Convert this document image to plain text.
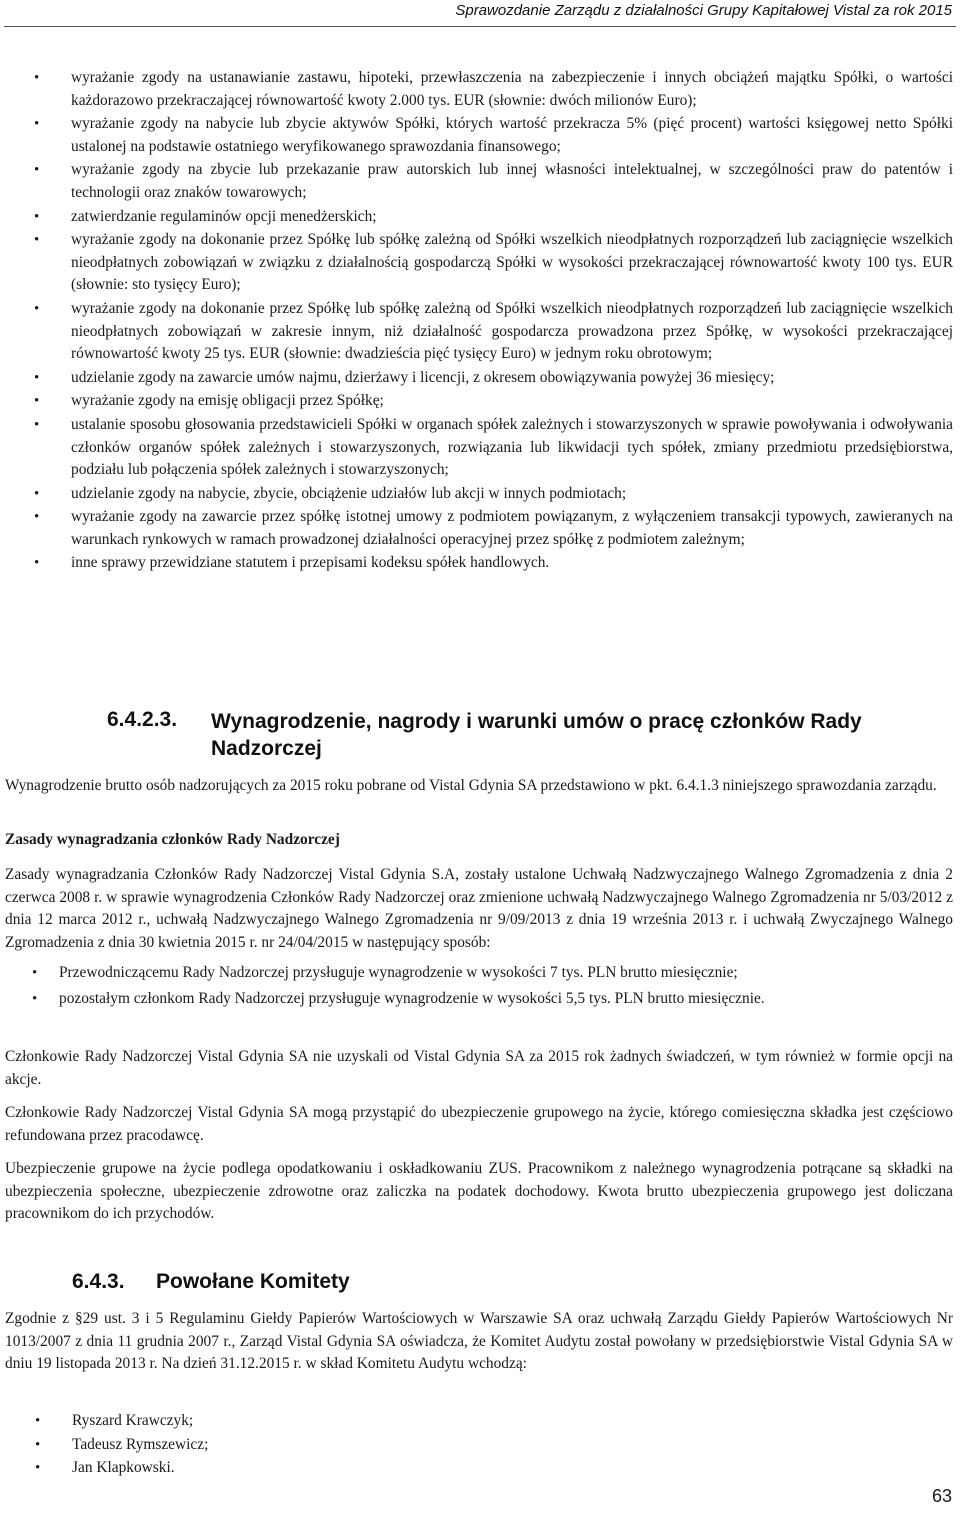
Sprawozdanie Zarządu z działalności Grupy Kapitałowej Vistal za rok 2015
• wyrażanie zgody na ustanawianie zastawu, hipoteki, przewłaszczenia na zabezpieczenie i innych obciążeń majątku Spółki, o wartości każdorazowo przekraczającej równowartość kwoty 2.000 tys. EUR (słownie: dwóch milionów Euro);
• wyrażanie zgody na nabycie lub zbycie aktywów Spółki, których wartość przekracza 5% (pięć procent) wartości księgowej netto Spółki ustalonej na podstawie ostatniego weryfikowanego sprawozdania finansowego;
• wyrażanie zgody na zbycie lub przekazanie praw autorskich lub innej własności intelektualnej, w szczególności praw do patentów i technologii oraz znaków towarowych;
• zatwierdzanie regulaminów opcji menedżerskich;
• wyrażanie zgody na dokonanie przez Spółkę lub spółkę zależną od Spółki wszelkich nieodpłatnych rozporządzeń lub zaciągnięcie wszelkich nieodpłatnych zobowiązań w związku z działalnością gospodarczą Spółki w wysokości przekraczającej równowartość kwoty 100 tys. EUR (słownie: sto tysięcy Euro);
• wyrażanie zgody na dokonanie przez Spółkę lub spółkę zależną od Spółki wszelkich nieodpłatnych rozporządzeń lub zaciągnięcie wszelkich nieodpłatnych zobowiązań w zakresie innym, niż działalność gospodarcza prowadzona przez Spółkę, w wysokości przekraczającej równowartość kwoty 25 tys. EUR (słownie: dwadzieścia pięć tysięcy Euro) w jednym roku obrotowym;
• udzielanie zgody na zawarcie umów najmu, dzierżawy i licencji, z okresem obowiązywania powyżej 36 miesięcy;
• wyrażanie zgody na emisję obligacji przez Spółkę;
• ustalanie sposobu głosowania przedstawicieli Spółki w organach spółek zależnych i stowarzyszonych w sprawie powoływania i odwoływania członków organów spółek zależnych i stowarzyszonych, rozwiązania lub likwidacji tych spółek, zmiany przedmiotu przedsiębiorstwa, podziału lub połączenia spółek zależnych i stowarzyszonych;
• udzielanie zgody na nabycie, zbycie, obciążenie udziałów lub akcji w innych podmiotach;
• wyrażanie zgody na zawarcie przez spółkę istotnej umowy z podmiotem powiązanym, z wyłączeniem transakcji typowych, zawieranych na warunkach rynkowych w ramach prowadzonej działalności operacyjnej przez spółkę z podmiotem zależnym;
• inne sprawy przewidziane statutem i przepisami kodeksu spółek handlowych.
6.4.2.3. Wynagrodzenie, nagrody i warunki umów o pracę członków Rady Nadzorczej

Wynagrodzenie brutto osób nadzorujących za 2015 roku pobrane od Vistal Gdynia SA przedstawiono w pkt. 6.4.1.3 niniejszego sprawozdania zarządu.

Zasady wynagradzania członków Rady Nadzorczej

Zasady wynagradzania Członków Rady Nadzorczej Vistal Gdynia S.A, zostały ustalone Uchwałą Nadzwyczajnego Walnego Zgromadzenia z dnia 2 czerwca 2008 r. w sprawie wynagrodzenia Członków Rady Nadzorczej oraz zmienione uchwałą Nadzwyczajnego Walnego Zgromadzenia nr 5/03/2012 z dnia 12 marca 2012 r., uchwałą Nadzwyczajnego Walnego Zgromadzenia nr 9/09/2013 z dnia 19 września 2013 r. i uchwałą Zwyczajnego Walnego Zgromadzenia z dnia 30 kwietnia 2015 r. nr 24/04/2015 w następujący sposób:

• Przewodniczącemu Rady Nadzorczej przysługuje wynagrodzenie w wysokości 7 tys. PLN brutto miesięcznie;
• pozostałym członkom Rady Nadzorczej przysługuje wynagrodzenie w wysokości 5,5 tys. PLN brutto miesięcznie.

Członkowie Rady Nadzorczej Vistal Gdynia SA nie uzyskali od Vistal Gdynia SA za 2015 rok żadnych świadczeń, w tym również w formie opcji na akcje.

Członkowie Rady Nadzorczej Vistal Gdynia SA mogą przystąpić do ubezpieczenie grupowego na życie, którego comiesięczna składka jest częściowo refundowana przez pracodawcę.

Ubezpieczenie grupowe na życie podlega opodatkowaniu i oskładkowaniu ZUS. Pracownikom z należnego wynagrodzenia potrącane są składki na ubezpieczenia społeczne, ubezpieczenie zdrowotne oraz zaliczka na podatek dochodowy. Kwota brutto ubezpieczenia grupowego jest doliczana pracownikom do ich przychodów.

6.4.3. Powołane Komitety

Zgodnie z §29 ust. 3 i 5 Regulaminu Giełdy Papierów Wartościowych w Warszawie SA oraz uchwałą Zarządu Giełdy Papierów Wartościowych Nr 1013/2007 z dnia 11 grudnia 2007 r., Zarząd Vistal Gdynia SA oświadcza, że Komitet Audytu został powołany w przedsiębiorstwie Vistal Gdynia SA w dniu 19 listopada 2013 r. Na dzień 31.12.2015 r. w skład Komitetu Audytu wchodzą:

• Ryszard Krawczyk;
• Tadeusz Rymszewicz;
• Jan Klapkowski.
63
